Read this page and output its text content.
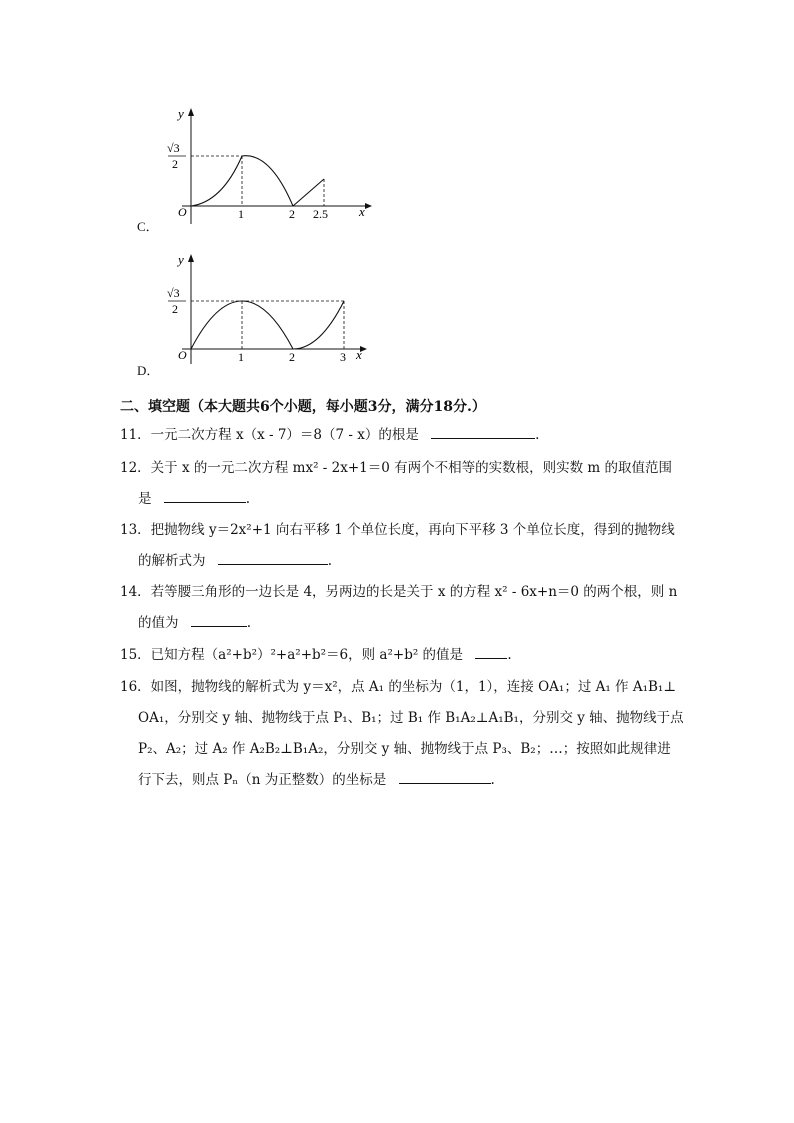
C．
y
x
O
√3
2
1	2 2.5
D．
y
x
O
√3
2
1	2	3
二、填空题（本大题共6个小题，每小题3分，满分18分.）
11．一元二次方程 x（x - 7）＝8（7 - x）的根是	.
12．关于 x 的一元二次方程 mx² - 2x+1＝0 有两个不相等的实数根，则实数 m 的取值范围
是	.
13．把抛物线 y＝2x²+1 向右平移 1 个单位长度，再向下平移 3 个单位长度，得到的抛物线
的解析式为	.
14．若等腰三角形的一边长是 4，另两边的长是关于 x 的方程 x² - 6x+n＝0 的两个根，则 n
的值为	.
15．已知方程（a²+b²）²+a²+b²＝6，则 a²+b² 的值是	.
16．如图，抛物线的解析式为 y＝x²，点 A₁ 的坐标为（1，1），连接 OA₁；过 A₁ 作 A₁B₁⊥
OA₁，分别交 y 轴、抛物线于点 P₁、B₁；过 B₁ 作 B₁A₂⊥A₁B₁，分别交 y 轴、抛物线于点
P₂、A₂；过 A₂ 作 A₂B₂⊥B₁A₂，分别交 y 轴、抛物线于点 P₃、B₂；…；按照如此规律进
行下去，则点 Pₙ（n 为正整数）的坐标是	.
